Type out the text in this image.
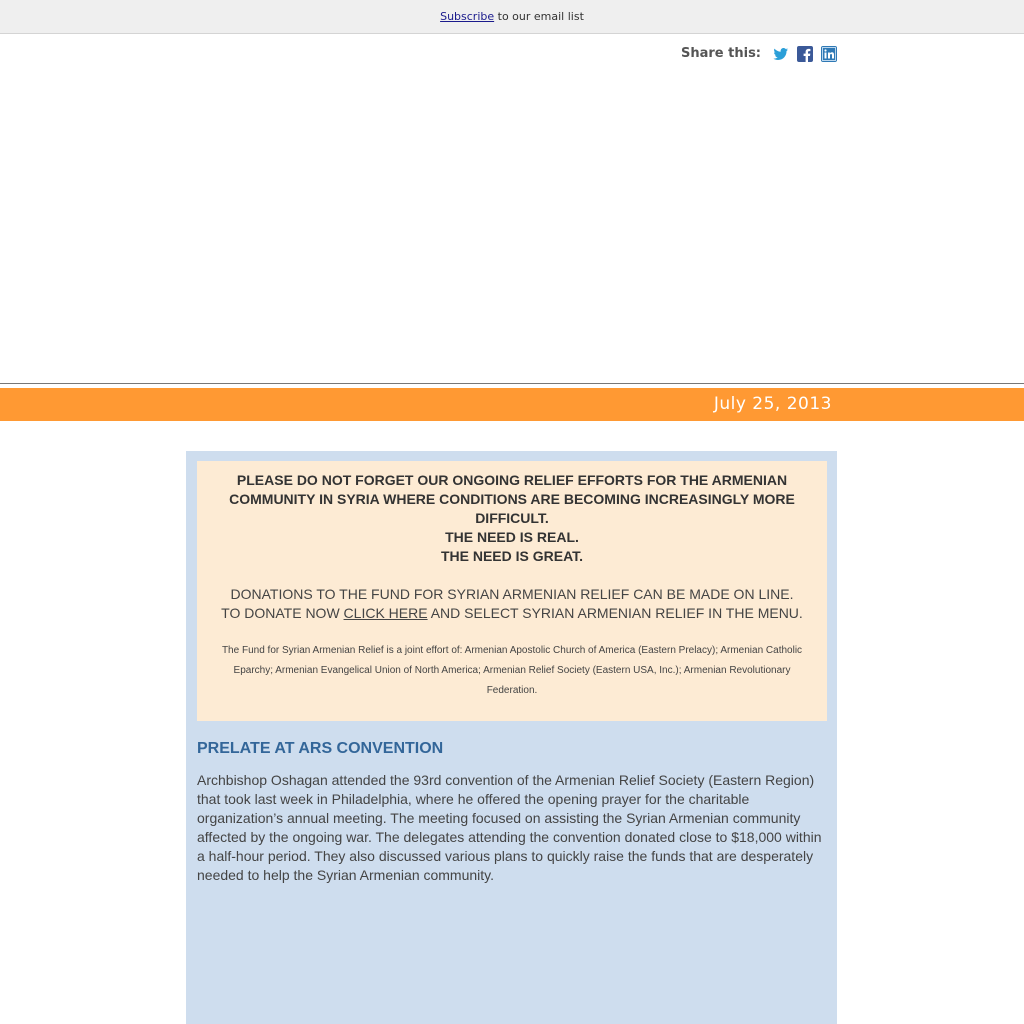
Subscribe to our email list
Share this:
July 25, 2013
PLEASE DO NOT FORGET OUR ONGOING RELIEF EFFORTS FOR THE ARMENIAN COMMUNITY IN SYRIA WHERE CONDITIONS ARE BECOMING INCREASINGLY MORE DIFFICULT.
THE NEED IS REAL.
THE NEED IS GREAT.
DONATIONS TO THE FUND FOR SYRIAN ARMENIAN RELIEF CAN BE MADE ON LINE.
TO DONATE NOW CLICK HERE AND SELECT SYRIAN ARMENIAN RELIEF IN THE MENU.
The Fund for Syrian Armenian Relief is a joint effort of: Armenian Apostolic Church of America (Eastern Prelacy); Armenian Catholic Eparchy; Armenian Evangelical Union of North America; Armenian Relief Society (Eastern USA, Inc.); Armenian Revolutionary Federation.
PRELATE AT ARS CONVENTION

Archbishop Oshagan attended the 93rd convention of the Armenian Relief Society (Eastern Region) that took last week in Philadelphia, where he offered the opening prayer for the charitable organization’s annual meeting. The meeting focused on assisting the Syrian Armenian community affected by the ongoing war. The delegates attending the convention donated close to $18,000 within a half-hour period. They also discussed various plans to quickly raise the funds that are desperately needed to help the Syrian Armenian community.
